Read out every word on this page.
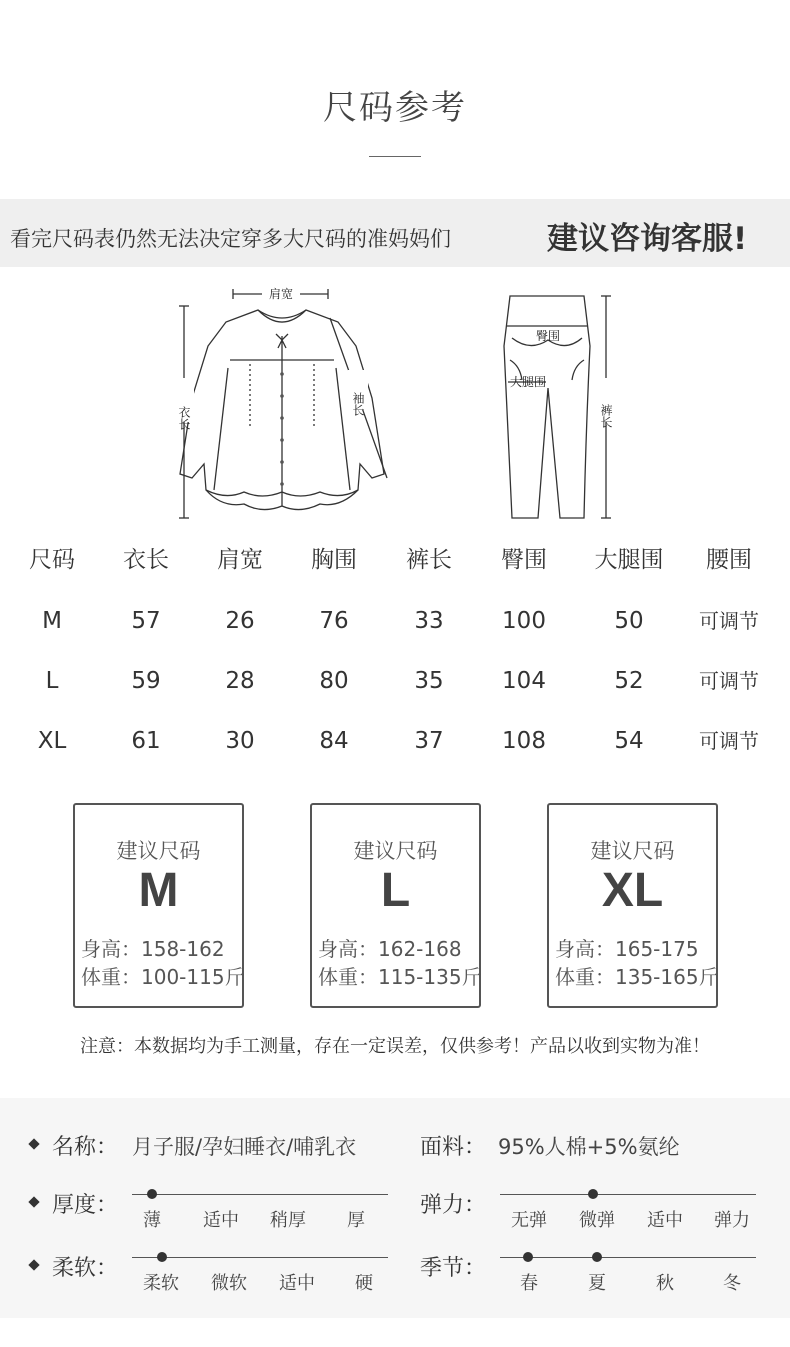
尺码参考
看完尺码表仍然无法决定穿多大尺码的准妈妈们	建议咨询客服!
肩宽
衣长
袖长
臀围
大腿围
裤长
尺码	衣长	肩宽	胸围	裤长	臀围	大腿围	腰围
M	57	26	76	33	100	50	可调节
L	59	28	80	35	104	52	可调节
XL	61	30	84	37	108	54	可调节
建议尺码
M
身高：158-162
体重：100-115斤
建议尺码
L
身高：162-168
体重：115-135斤
建议尺码
XL
身高：165-175
体重：135-165斤
注意：本数据均为手工测量，存在一定误差，仅供参考！产品以收到实物为准！
名称： 月子服/孕妇睡衣/哺乳衣	面料： 95%人棉+5%氨纶
厚度：
薄	适中	稍厚	厚
弹力：
无弹	微弹	适中	弹力
柔软：
柔软	微软	适中	硬
季节：
春	夏	秋	冬
